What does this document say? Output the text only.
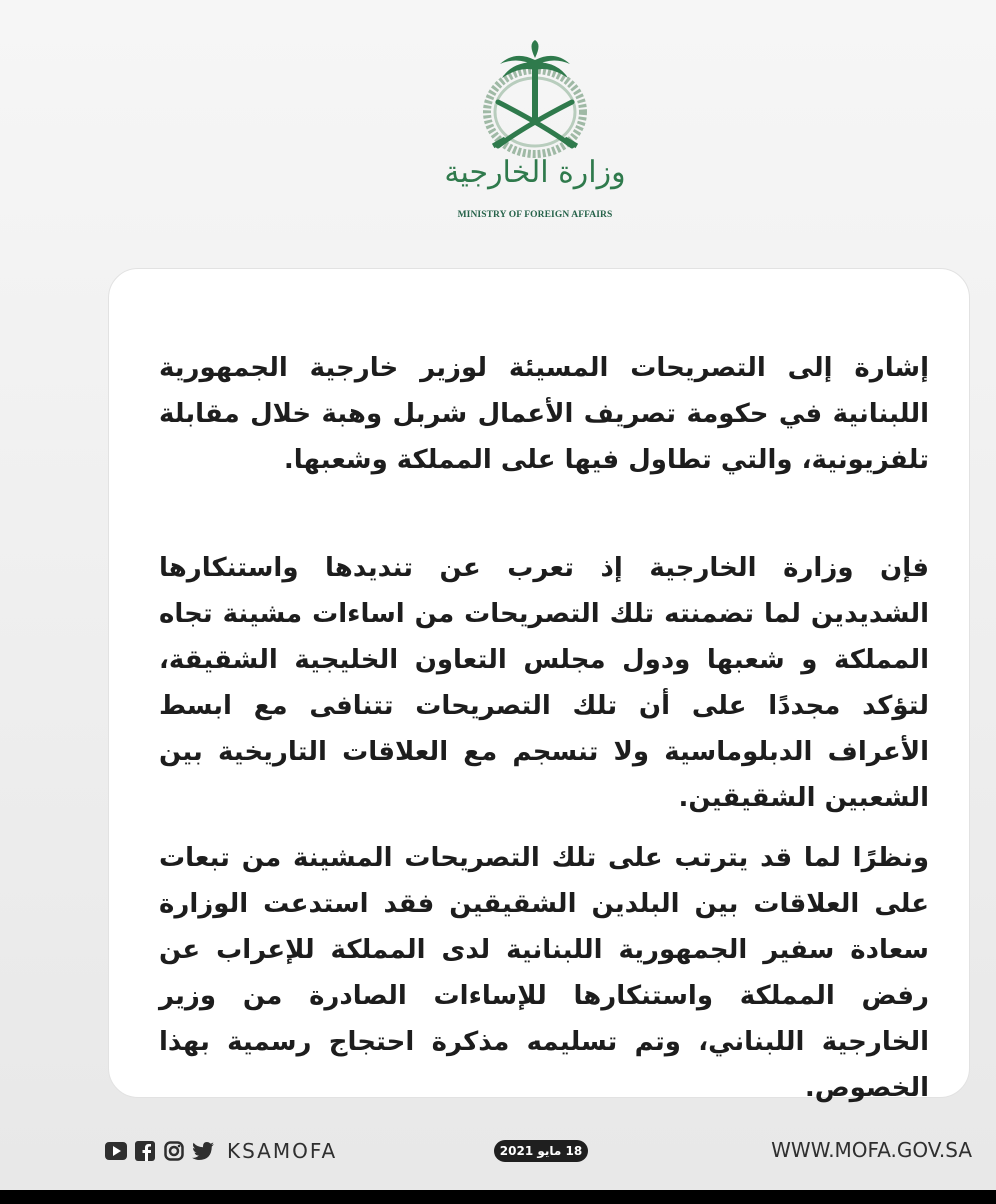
وزارة الخارجية
MINISTRY OF FOREIGN AFFAIRS

إشارة إلى التصريحات المسيئة لوزير خارجية الجمهورية اللبنانية في حكومة تصريف الأعمال شربل وهبة خلال مقابلة تلفزيونية، والتي تطاول فيها على المملكة وشعبها.

فإن وزارة الخارجية إذ تعرب عن تنديدها واستنكارها الشديدين لما تضمنته تلك التصريحات من اساءات مشينة تجاه المملكة و شعبها ودول مجلس التعاون الخليجية الشقيقة، لتؤكد مجددًا على أن تلك التصريحات تتنافى مع ابسط الأعراف الدبلوماسية ولا تنسجم مع العلاقات التاريخية بين الشعبين الشقيقين.

ونظرًا لما قد يترتب على تلك التصريحات المشينة من تبعات على العلاقات بين البلدين الشقيقين فقد استدعت الوزارة سعادة سفير الجمهورية اللبنانية لدى المملكة للإعراب عن رفض المملكة واستنكارها للإساءات الصادرة من وزير الخارجية اللبناني، وتم تسليمه مذكرة احتجاج رسمية بهذا الخصوص.

KSAMOFA	18 مايو 2021	WWW.MOFA.GOV.SA
